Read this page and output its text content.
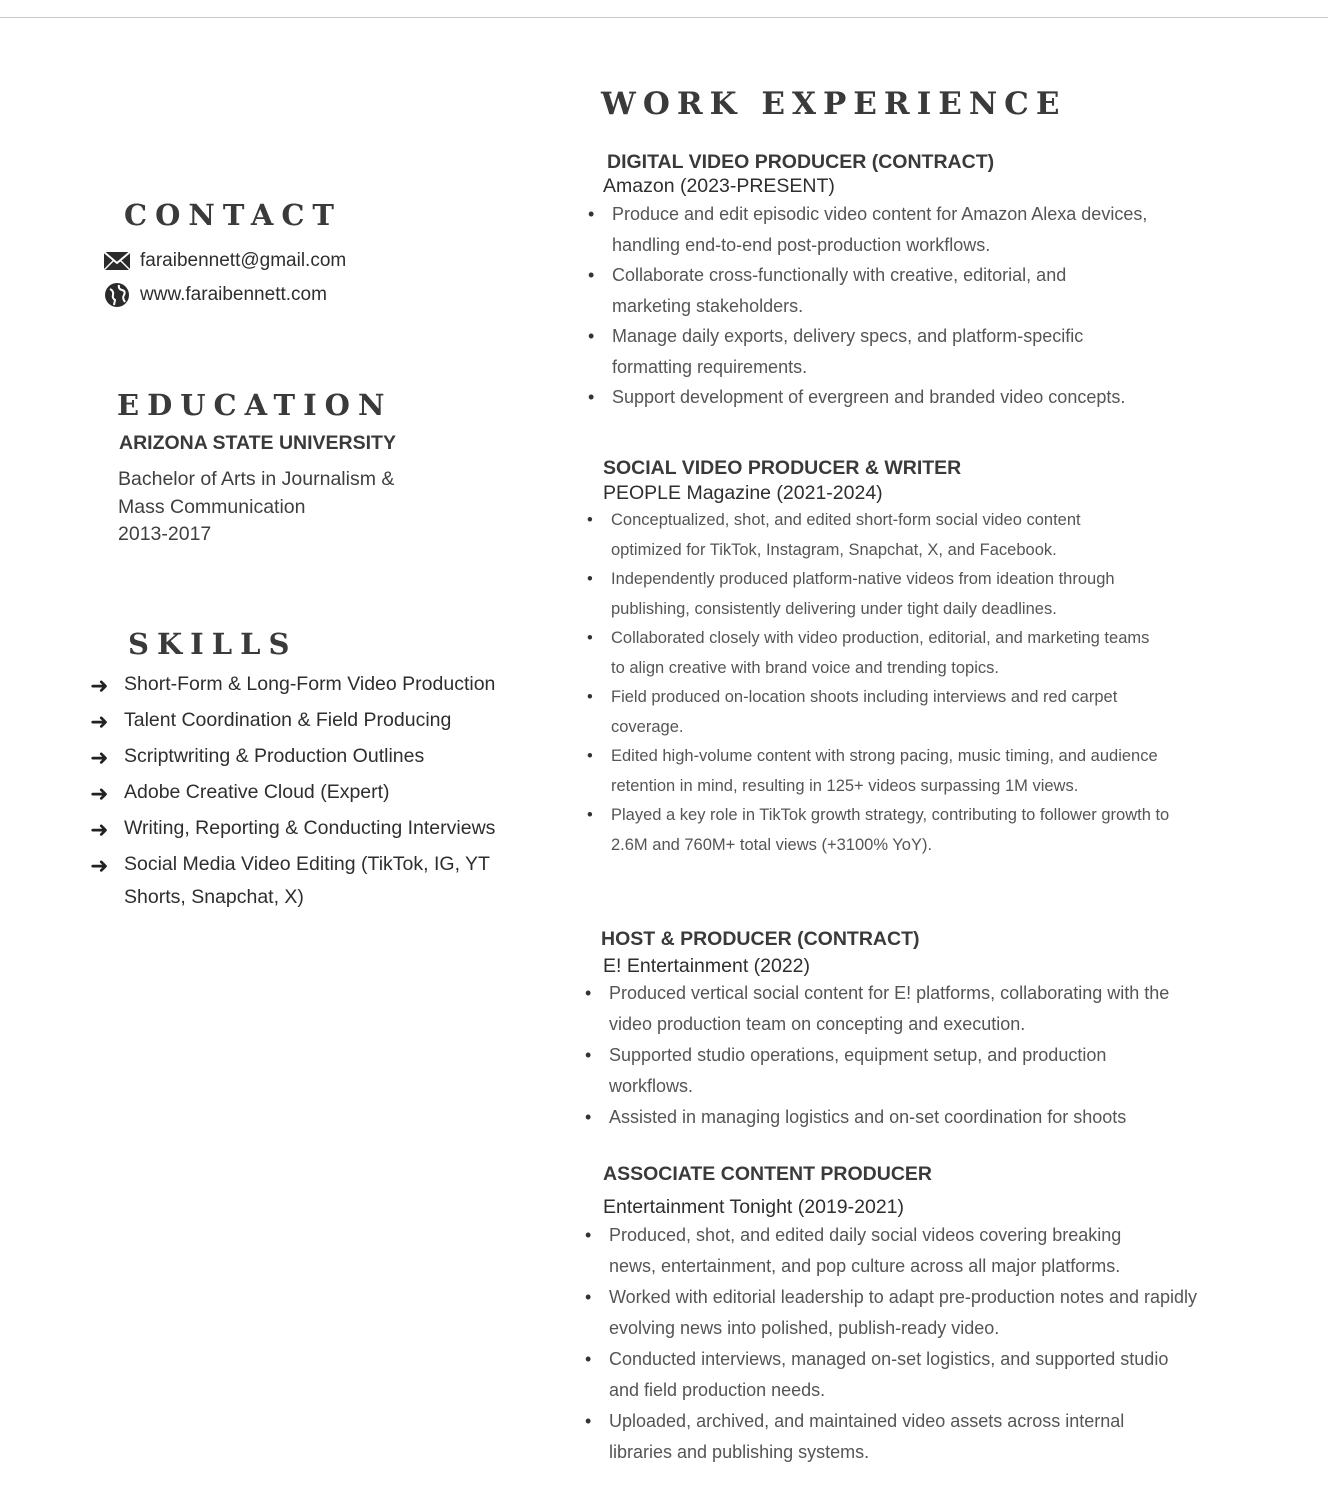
CONTACT
faraibennett@gmail.com
www.faraibennett.com
EDUCATION
ARIZONA STATE UNIVERSITY
Bachelor of Arts in Journalism &
Mass Communication
2013-2017
SKILLS
➜ Short-Form & Long-Form Video Production
➜ Talent Coordination & Field Producing
➜ Scriptwriting & Production Outlines
➜ Adobe Creative Cloud (Expert)
➜ Writing, Reporting & Conducting Interviews
➜ Social Media Video Editing (TikTok, IG, YT Shorts, Snapchat, X)
WORK EXPERIENCE
DIGITAL VIDEO PRODUCER (CONTRACT)
Amazon (2023-PRESENT)
• Produce and edit episodic video content for Amazon Alexa devices, handling end-to-end post-production workflows.
• Collaborate cross-functionally with creative, editorial, and marketing stakeholders.
• Manage daily exports, delivery specs, and platform-specific formatting requirements.
• Support development of evergreen and branded video concepts.
SOCIAL VIDEO PRODUCER & WRITER
PEOPLE Magazine (2021-2024)
• Conceptualized, shot, and edited short-form social video content optimized for TikTok, Instagram, Snapchat, X, and Facebook.
• Independently produced platform-native videos from ideation through publishing, consistently delivering under tight daily deadlines.
• Collaborated closely with video production, editorial, and marketing teams to align creative with brand voice and trending topics.
• Field produced on-location shoots including interviews and red carpet coverage.
• Edited high-volume content with strong pacing, music timing, and audience retention in mind, resulting in 125+ videos surpassing 1M views.
• Played a key role in TikTok growth strategy, contributing to follower growth to 2.6M and 760M+ total views (+3100% YoY).
HOST & PRODUCER (CONTRACT)
E! Entertainment (2022)
• Produced vertical social content for E! platforms, collaborating with the video production team on concepting and execution.
• Supported studio operations, equipment setup, and production workflows.
• Assisted in managing logistics and on-set coordination for shoots
ASSOCIATE CONTENT PRODUCER
Entertainment Tonight (2019-2021)
• Produced, shot, and edited daily social videos covering breaking news, entertainment, and pop culture across all major platforms.
• Worked with editorial leadership to adapt pre-production notes and rapidly evolving news into polished, publish-ready video.
• Conducted interviews, managed on-set logistics, and supported studio and field production needs.
• Uploaded, archived, and maintained video assets across internal libraries and publishing systems.
